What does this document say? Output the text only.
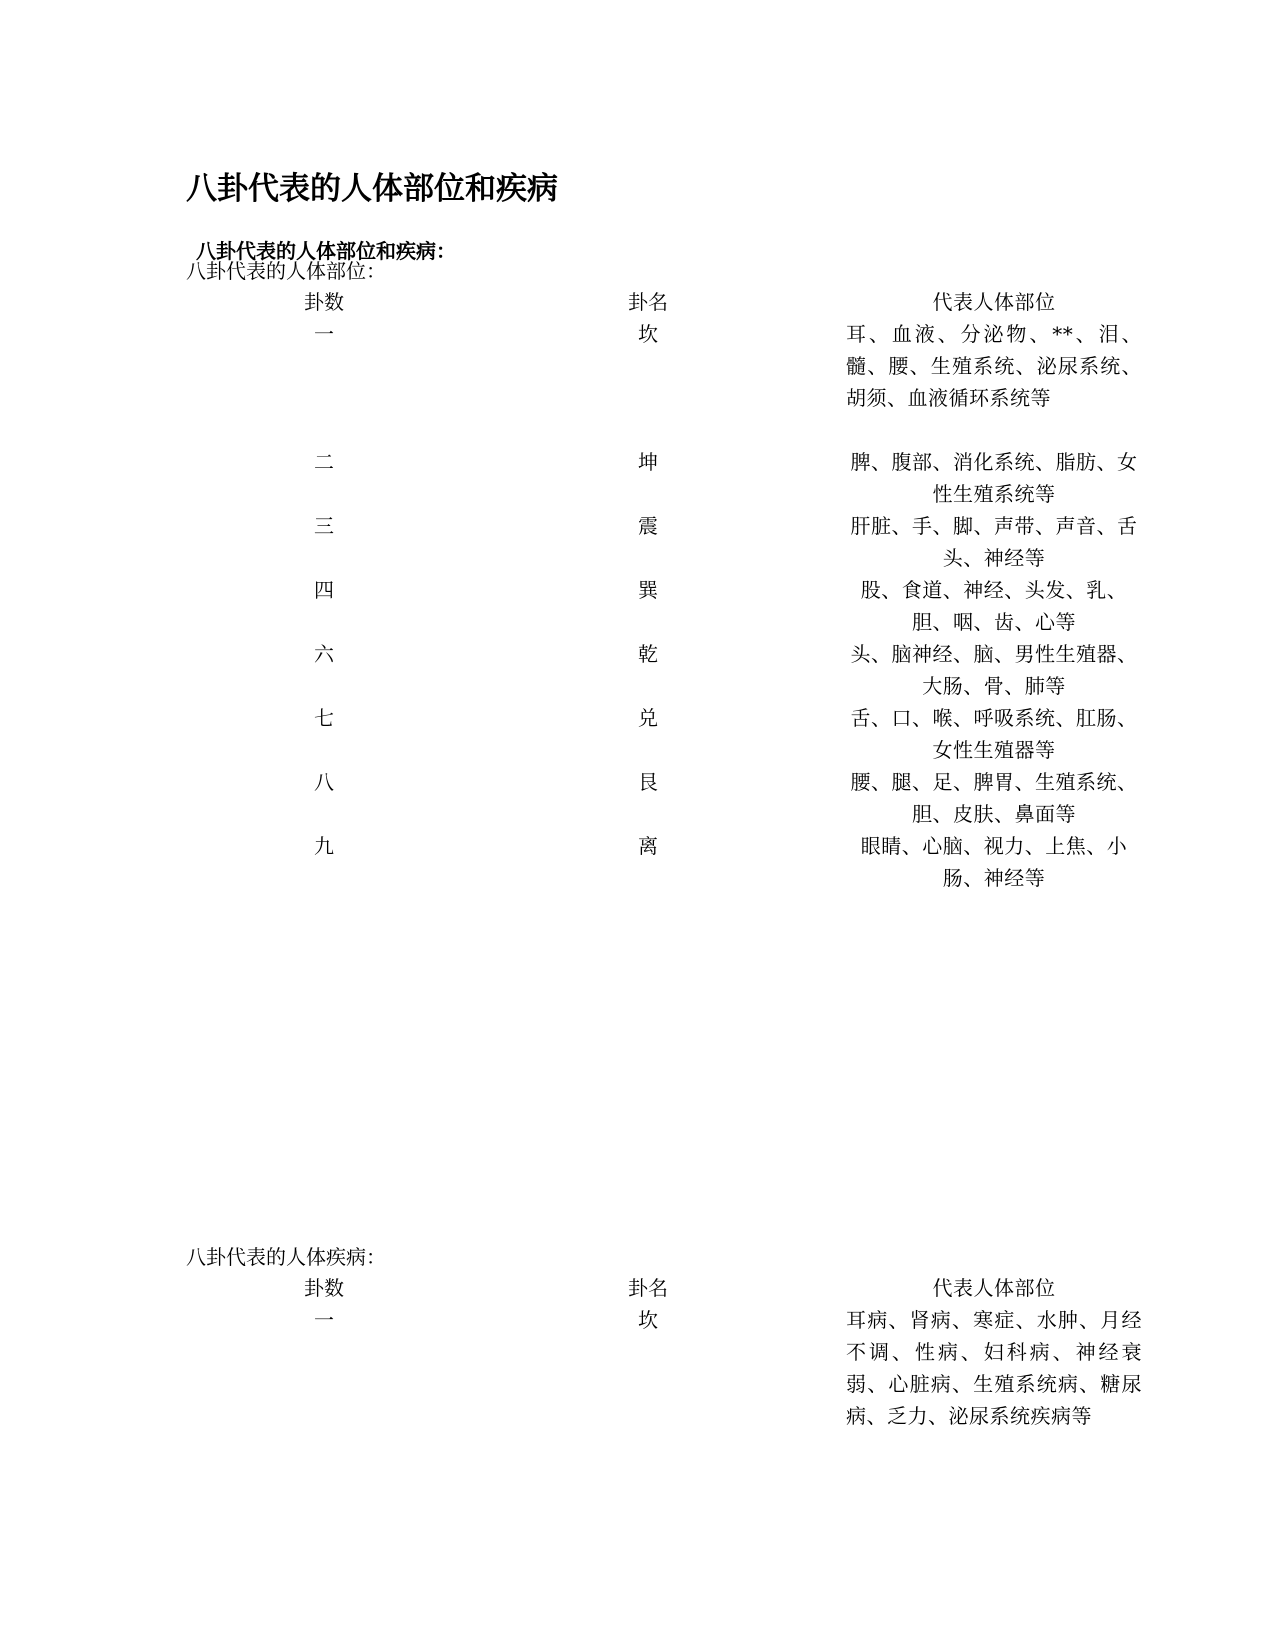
八卦代表的人体部位和疾病

八卦代表的人体部位和疾病：

八卦代表的人体部位：

卦数	卦名	代表人体部位
一	坎	耳、血液、分泌物、**、泪、髓、腰、生殖系统、泌尿系统、胡须、血液循环系统等
二	坤	脾、腹部、消化系统、脂肪、女性生殖系统等
三	震	肝脏、手、脚、声带、声音、舌头、神经等
四	巽	股、食道、神经、头发、乳、胆、咽、齿、心等
六	乾	头、脑神经、脑、男性生殖器、大肠、骨、肺等
七	兑	舌、口、喉、呼吸系统、肛肠、女性生殖器等
八	艮	腰、腿、足、脾胃、生殖系统、胆、皮肤、鼻面等
九	离	眼睛、心脑、视力、上焦、小肠、神经等

八卦代表的人体疾病：

卦数	卦名	代表人体部位
一	坎	耳病、肾病、寒症、水肿、月经不调、性病、妇科病、神经衰弱、心脏病、生殖系统病、糖尿病、乏力、泌尿系统疾病等
